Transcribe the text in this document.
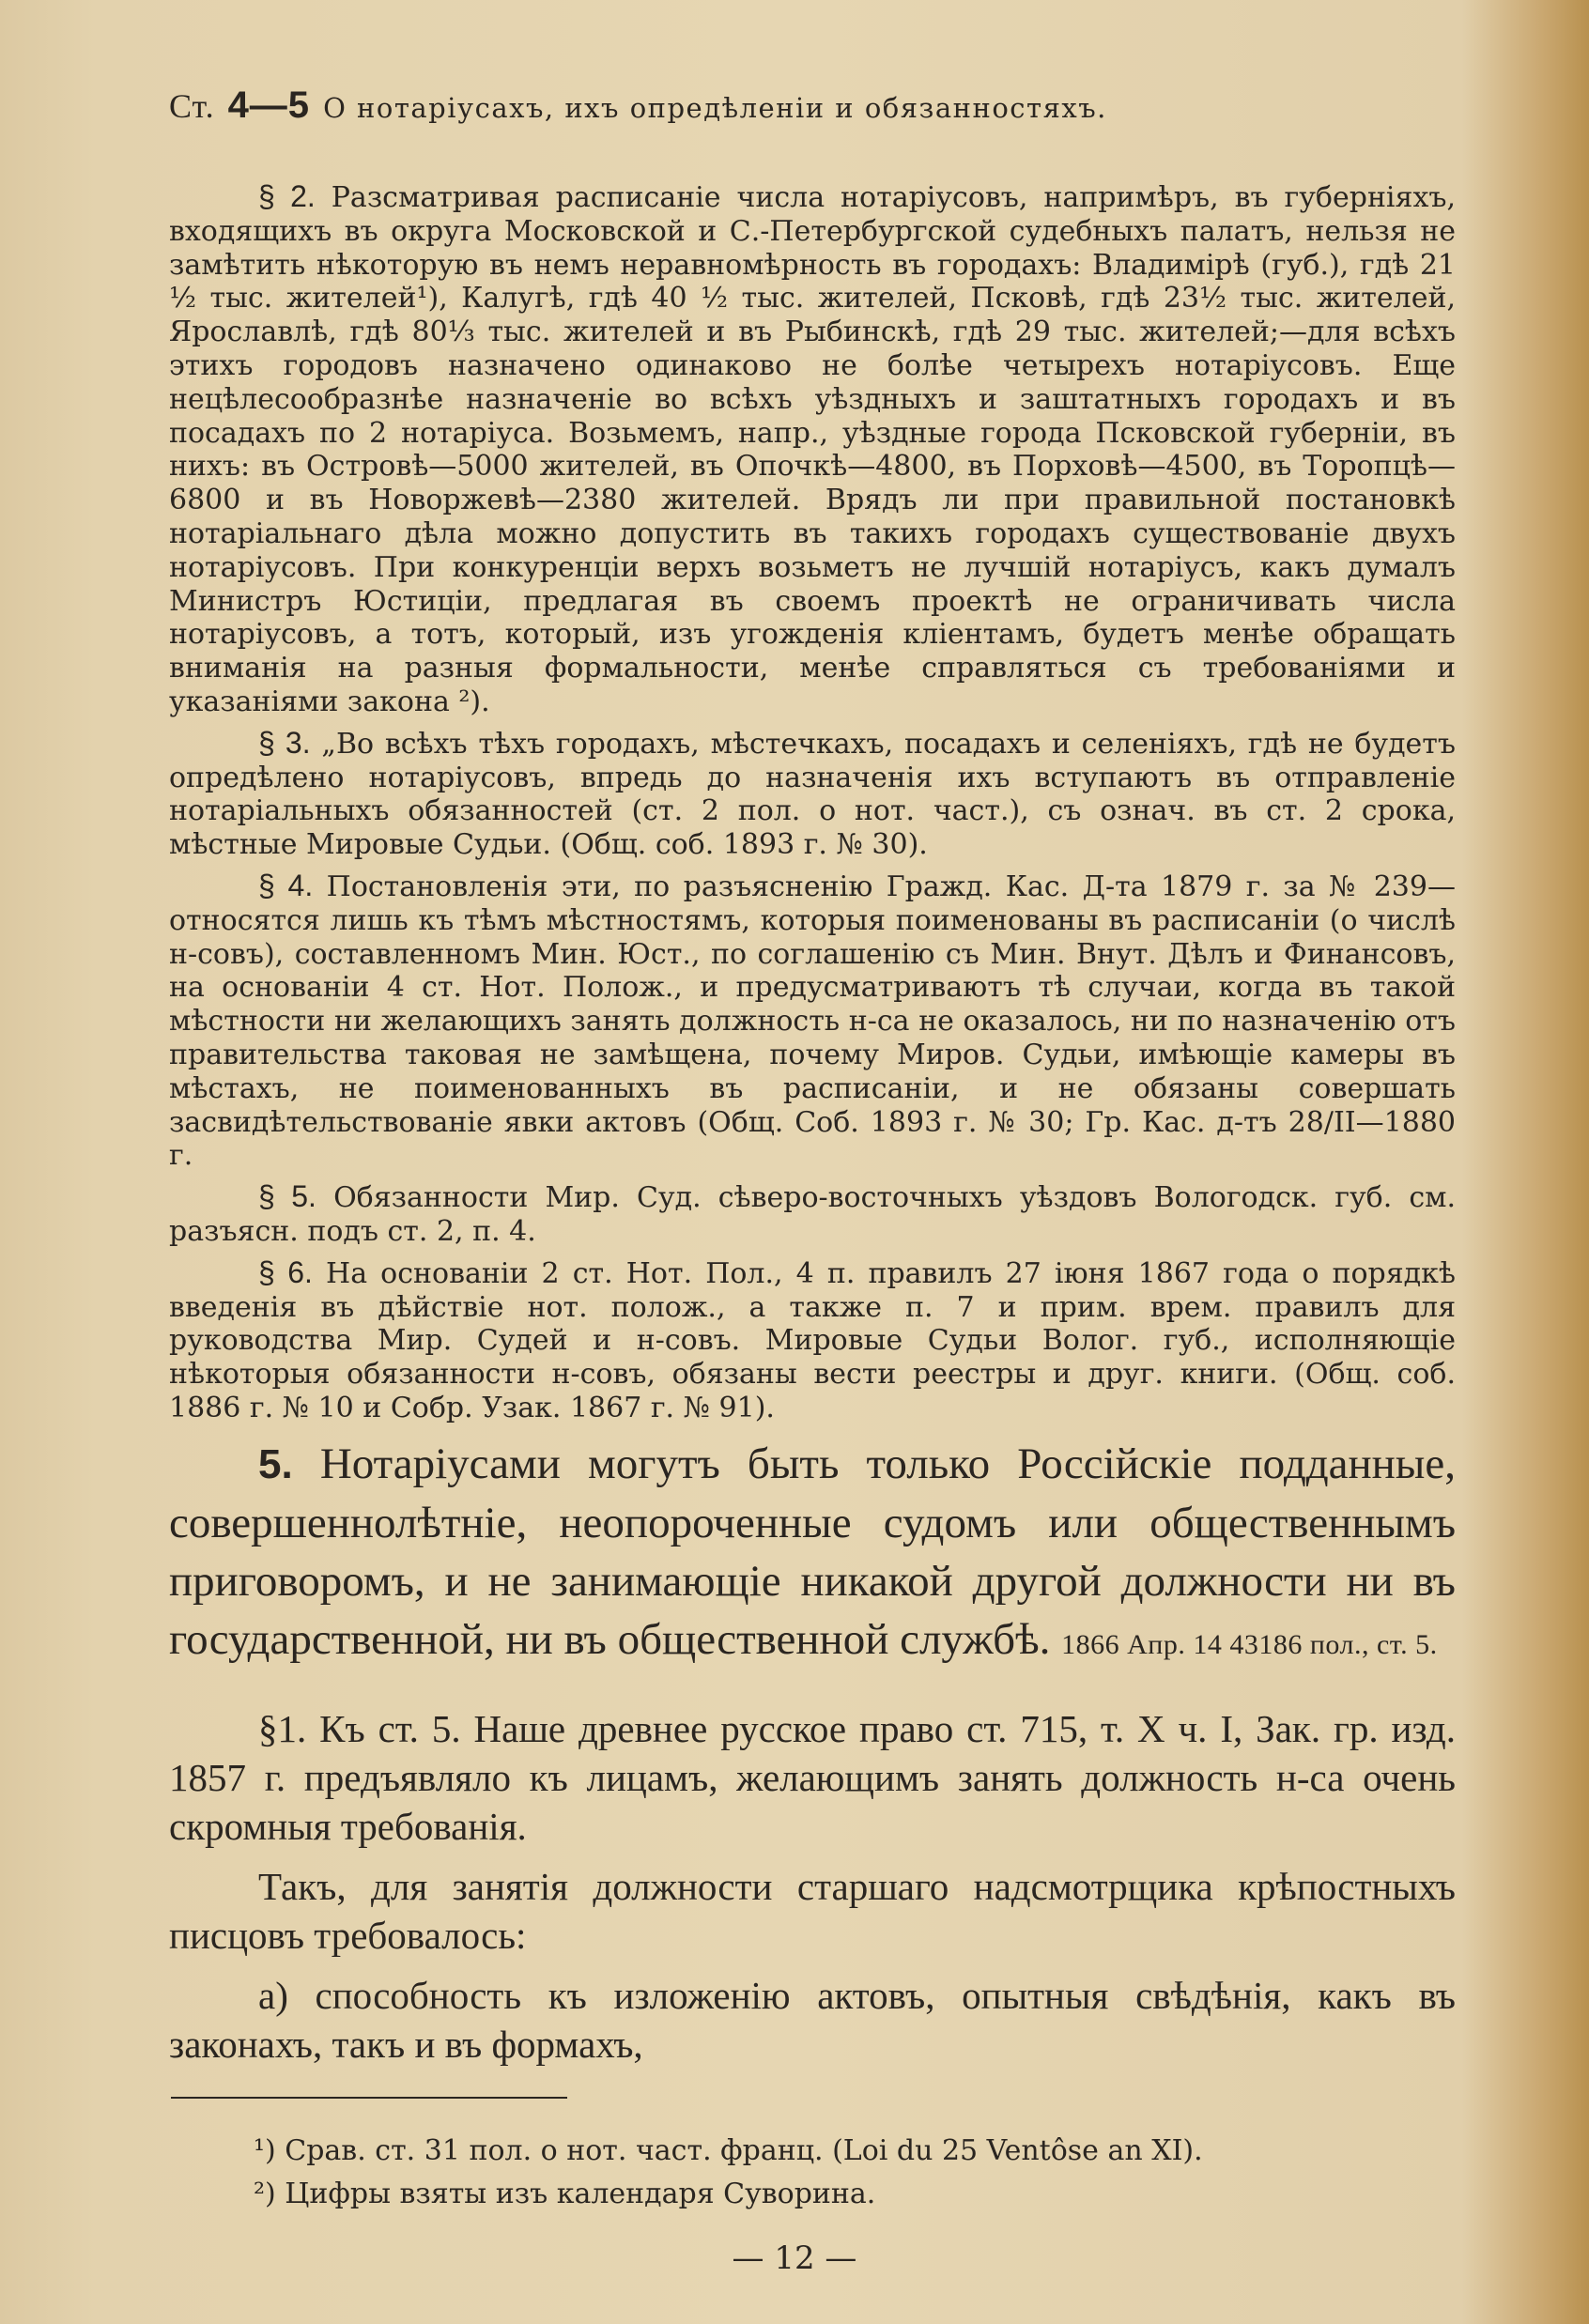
Ст. 4—5 О нотаріусахъ, ихъ опредѣленіи и обязанностяхъ.

§ 2. Разсматривая расписаніе числа нотаріусовъ, напримѣръ, въ губерніяхъ, входящихъ въ округа Московской и С.-Петербургской судебныхъ палатъ, нельзя не замѣтить нѣкоторую въ немъ неравномѣрность въ городахъ: Владимірѣ (губ.), гдѣ 21 ½ тыс. жителей¹), Калугѣ, гдѣ 40 ½ тыс. жителей, Псковѣ, гдѣ 23½ тыс. жителей, Ярославлѣ, гдѣ 80⅓ тыс. жителей и въ Рыбинскѣ, гдѣ 29 тыс. жителей;—для всѣхъ этихъ городовъ назначено одинаково не болѣе четырехъ нотаріусовъ. Еще нецѣлесообразнѣе назначеніе во всѣхъ уѣздныхъ и заштатныхъ городахъ и въ посадахъ по 2 нотаріуса. Возьмемъ, напр., уѣздные города Псковской губерніи, въ нихъ: въ Островѣ—5000 жителей, въ Опочкѣ—4800, въ Порховѣ—4500, въ Торопцѣ—6800 и въ Новоржевѣ—2380 жителей. Врядъ ли при правильной постановкѣ нотаріальнаго дѣла можно допустить въ такихъ городахъ существованіе двухъ нотаріусовъ. При конкуренціи верхъ возьметъ не лучшій нотаріусъ, какъ думалъ Министръ Юстиціи, предлагая въ своемъ проектѣ не ограничивать числа нотаріусовъ, а тотъ, который, изъ угожденія кліентамъ, будетъ менѣе обращать вниманія на разныя формальности, менѣе справляться съ требованіями и указаніями закона ²).

§ 3. „Во всѣхъ тѣхъ городахъ, мѣстечкахъ, посадахъ и селеніяхъ, гдѣ не будетъ опредѣлено нотаріусовъ, впредь до назначенія ихъ вступаютъ въ отправленіе нотаріальныхъ обязанностей (ст. 2 пол. о нот. част.), съ означ. въ ст. 2 срока, мѣстные Мировые Судьи. (Общ. соб. 1893 г. № 30).

§ 4. Постановленія эти, по разъясненію Гражд. Кас. Д-та 1879 г. за № 239—относятся лишь къ тѣмъ мѣстностямъ, которыя поименованы въ расписаніи (о числѣ н-совъ), составленномъ Мин. Юст., по соглашенію съ Мин. Внут. Дѣлъ и Финансовъ, на основаніи 4 ст. Нот. Полож., и предусматриваютъ тѣ случаи, когда въ такой мѣстности ни желающихъ занять должность н-са не оказалось, ни по назначенію отъ правительства таковая не замѣщена, почему Миров. Судьи, имѣющіе камеры въ мѣстахъ, не поименованныхъ въ расписаніи, и не обязаны совершать засвидѣтельствованіе явки актовъ (Общ. Соб. 1893 г. № 30; Гр. Кас. д-тъ 28/II—1880 г.

§ 5. Обязанности Мир. Суд. сѣверо-восточныхъ уѣздовъ Вологодск. губ. см. разъясн. подъ ст. 2, п. 4.

§ 6. На основаніи 2 ст. Нот. Пол., 4 п. правилъ 27 іюня 1867 года о порядкѣ введенія въ дѣйствіе нот. полож., а также п. 7 и прим. врем. правилъ для руководства Мир. Судей и н-совъ. Мировые Судьи Волог. губ., исполняющіе нѣкоторыя обязанности н-совъ, обязаны вести реестры и друг. книги. (Общ. соб. 1886 г. № 10 и Собр. Узак. 1867 г. № 91).

5. Нотаріусами могутъ быть только Россійскіе подданные, совершеннолѣтніе, неопороченные судомъ или общественнымъ приговоромъ, и не занимающіе никакой другой должности ни въ государственной, ни въ общественной службѣ. 1866 Апр. 14 43186 пол., ст. 5.

§1. Къ ст. 5. Наше древнее русское право ст. 715, т. X ч. I, Зак. гр. изд. 1857 г. предъявляло къ лицамъ, желающимъ занять должность н-са очень скромныя требованія.

Такъ, для занятія должности старшаго надсмотрщика крѣпостныхъ писцовъ требовалось:

а) способность къ изложенію актовъ, опытныя свѣдѣнія, какъ въ законахъ, такъ и въ формахъ,

¹) Срав. ст. 31 пол. о нот. част. франц. (Loi du 25 Ventôse an XI).

²) Цифры взяты изъ календаря Суворина.

— 12 —
